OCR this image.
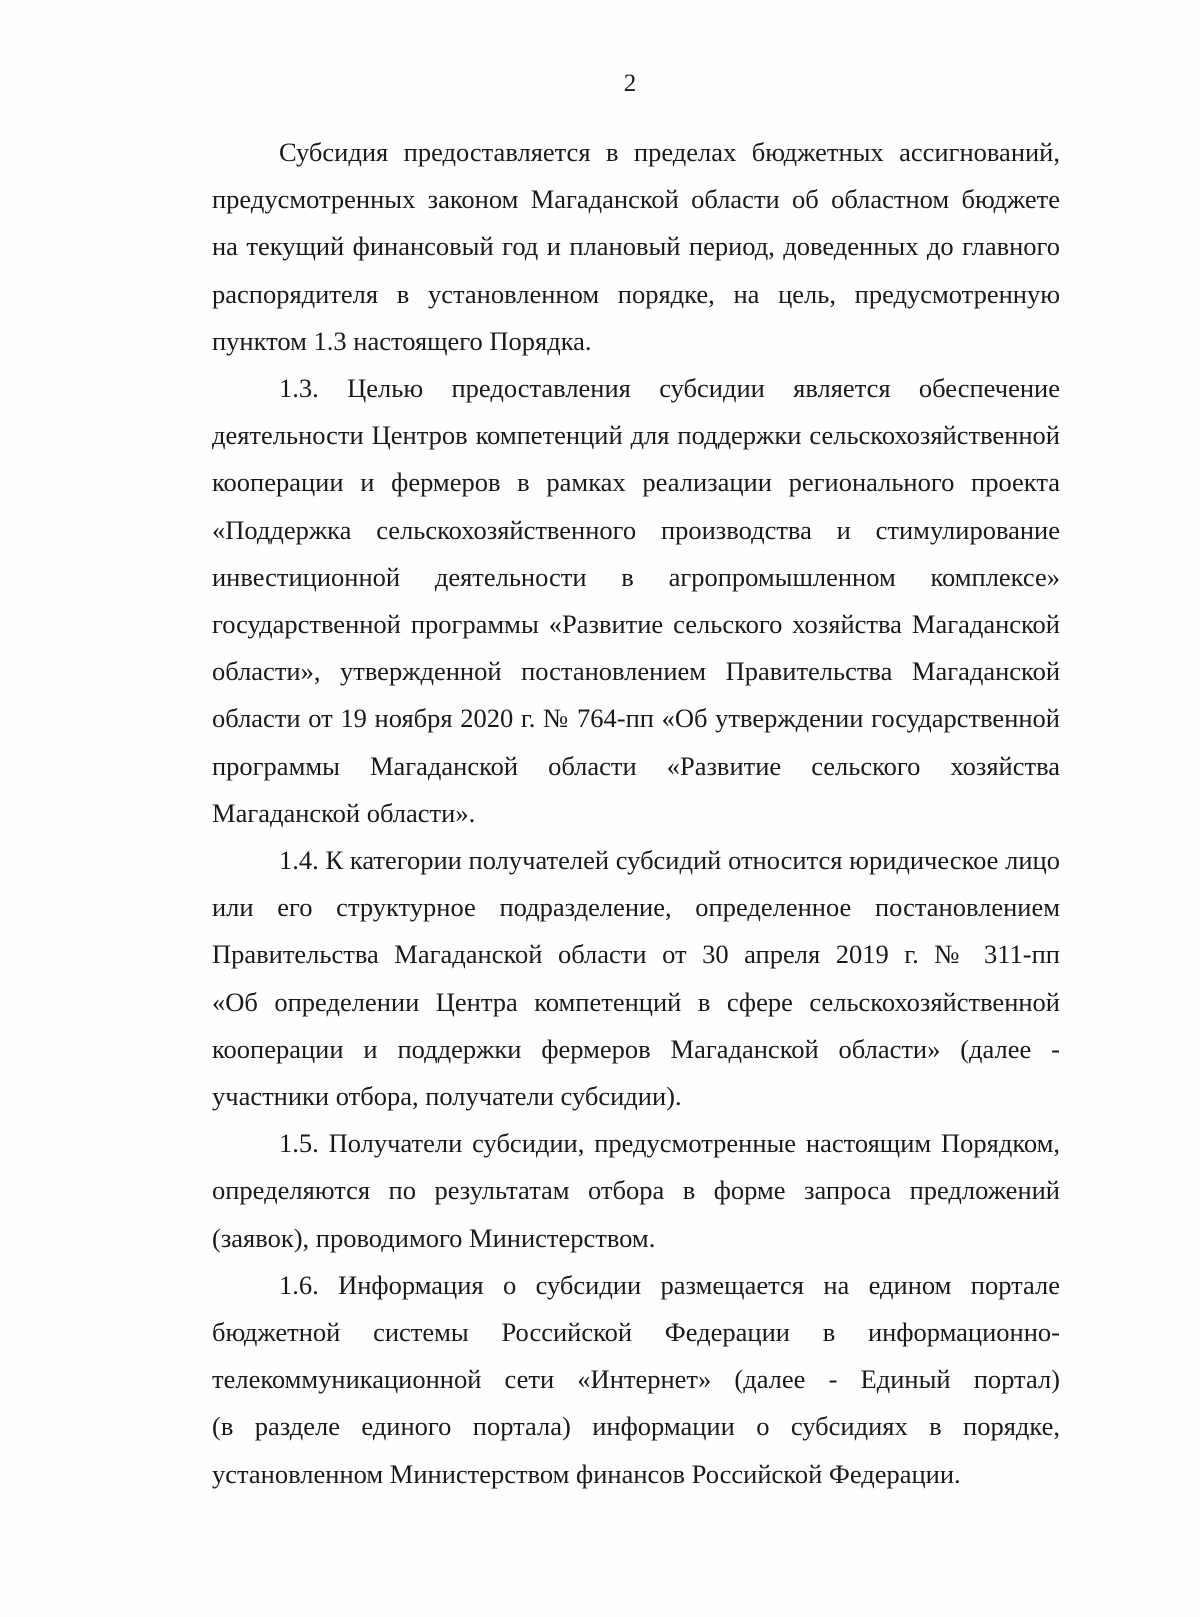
2

Субсидия предоставляется в пределах бюджетных ассигнований,
предусмотренных законом Магаданской области об областном бюджете
на текущий финансовый год и плановый период, доведенных до главного
распорядителя в установленном порядке, на цель, предусмотренную
пунктом 1.3 настоящего Порядка.

1.3. Целью предоставления субсидии является обеспечение
деятельности Центров компетенций для поддержки сельскохозяйственной
кооперации и фермеров в рамках реализации регионального проекта
«Поддержка сельскохозяйственного производства и стимулирование
инвестиционной деятельности в агропромышленном комплексе»
государственной программы «Развитие сельского хозяйства Магаданской
области», утвержденной постановлением Правительства Магаданской
области от 19 ноября 2020 г. № 764-пп «Об утверждении государственной
программы Магаданской области «Развитие сельского хозяйства
Магаданской области».

1.4. К категории получателей субсидий относится юридическое лицо
или его структурное подразделение, определенное постановлением
Правительства Магаданской области от 30 апреля 2019 г. № 311-пп
«Об определении Центра компетенций в сфере сельскохозяйственной
кооперации и поддержки фермеров Магаданской области» (далее -
участники отбора, получатели субсидии).

1.5. Получатели субсидии, предусмотренные настоящим Порядком,
определяются по результатам отбора в форме запроса предложений
(заявок), проводимого Министерством.

1.6. Информация о субсидии размещается на едином портале
бюджетной системы Российской Федерации в информационно-
телекоммуникационной сети «Интернет» (далее - Единый портал)
(в разделе единого портала) информации о субсидиях в порядке,
установленном Министерством финансов Российской Федерации.
